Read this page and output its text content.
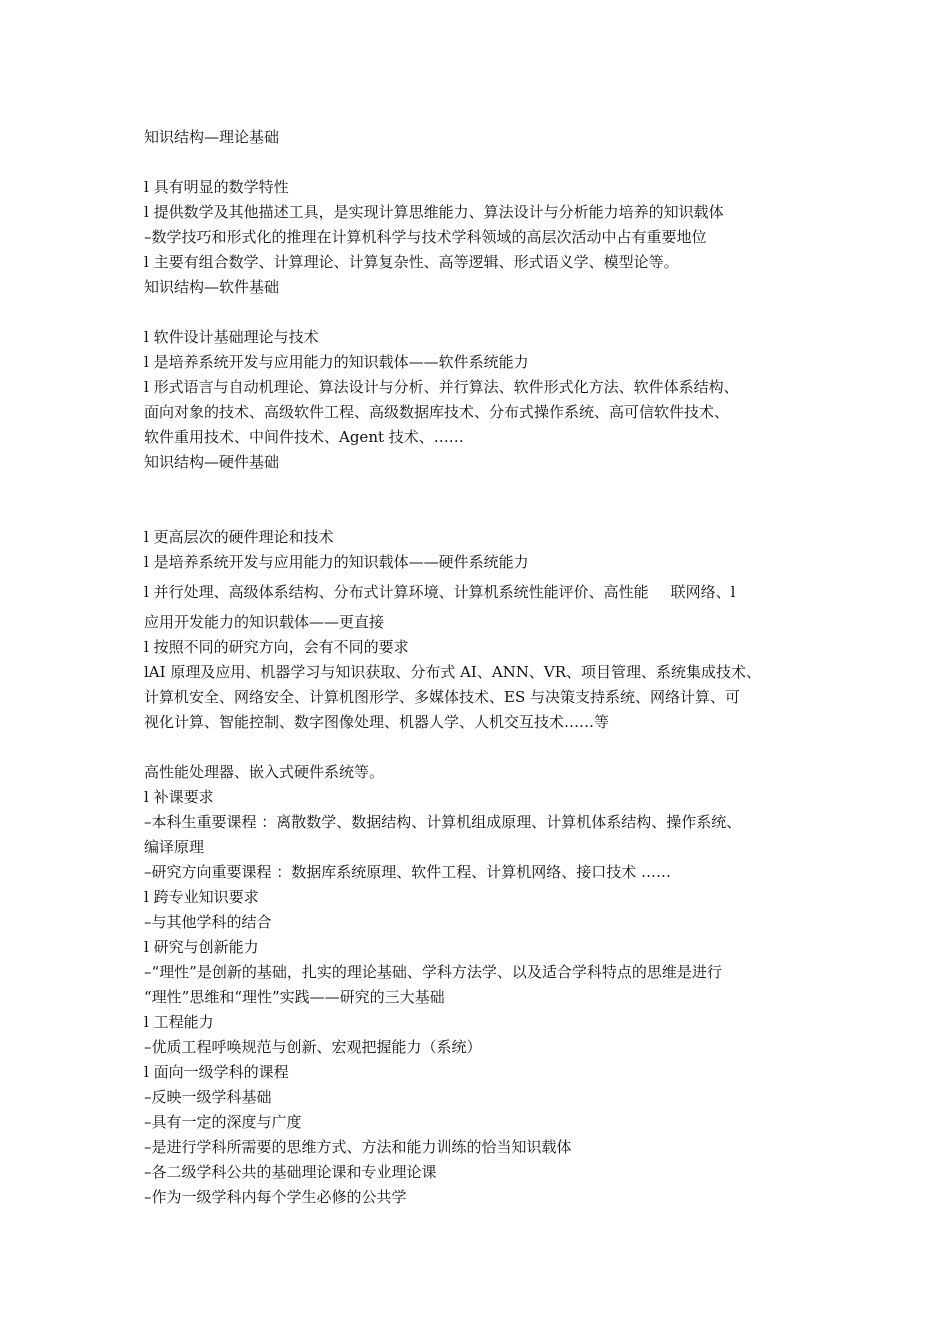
知识结构—理论基础

l 具有明显的数学特性

l 提供数学及其他描述工具，是实现计算思维能力、算法设计与分析能力培养的知识载体

–数学技巧和形式化的推理在计算机科学与技术学科领域的高层次活动中占有重要地位

l 主要有组合数学、计算理论、计算复杂性、高等逻辑、形式语义学、模型论等。

知识结构—软件基础

l 软件设计基础理论与技术

l 是培养系统开发与应用能力的知识载体——软件系统能力

l 形式语言与自动机理论、算法设计与分析、并行算法、软件形式化方法、软件体系结构、

面向对象的技术、高级软件工程、高级数据库技术、分布式操作系统、高可信软件技术、

软件重用技术、中间件技术、Agent 技术、……

知识结构—硬件基础

l 更高层次的硬件理论和技术

l 是培养系统开发与应用能力的知识载体——硬件系统能力

l 并行处理、高级体系结构、分布式计算环境、计算机系统性能评价、高性能 联网络、l

应用开发能力的知识载体——更直接

l 按照不同的研究方向，会有不同的要求

lAI 原理及应用、机器学习与知识获取、分布式 AI、ANN、VR、项目管理、系统集成技术、

计算机安全、网络安全、计算机图形学、多媒体技术、ES 与决策支持系统、网络计算、可

视化计算、智能控制、数字图像处理、机器人学、人机交互技术……等

高性能处理器、嵌入式硬件系统等。

l 补课要求

–本科生重要课程 ：离散数学、数据结构、计算机组成原理、计算机体系结构、操作系统、

编译原理

–研究方向重要课程 ：数据库系统原理、软件工程、计算机网络、接口技术 ……

l 跨专业知识要求

–与其他学科的结合

l 研究与创新能力

–“理性”是创新的基础，扎实的理论基础、学科方法学、以及适合学科特点的思维是进行

“理性”思维和“理性”实践——研究的三大基础

l 工程能力

–优质工程呼唤规范与创新、宏观把握能力（系统）

l 面向一级学科的课程

–反映一级学科基础

–具有一定的深度与广度

–是进行学科所需要的思维方式、方法和能力训练的恰当知识载体

–各二级学科公共的基础理论课和专业理论课

–作为一级学科内每个学生必修的公共学
